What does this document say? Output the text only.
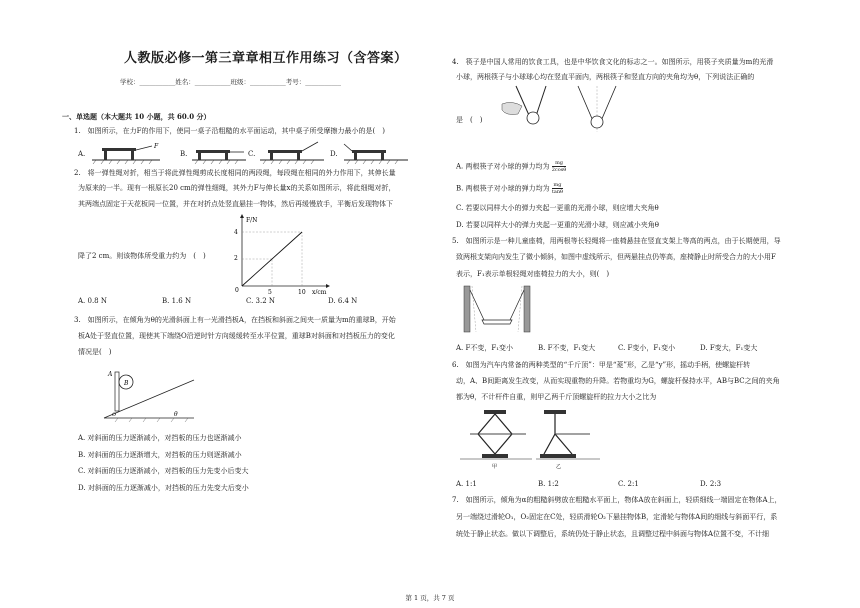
人教版必修一第三章章相互作用练习（含答案）
学校：___________姓名：___________班级：___________考号：___________
一、单选题（本大题共 10 小题，共 60.0 分）
1.　如图所示，在力F的作用下，使同一桌子沿粗糙的水平面运动，其中桌子所受摩擦力最小的是(　)
A.	B.	C.	D.
F
2.　将一弹性绳对折，相当于将此弹性绳剪成长度相同的两段绳，每段绳在相同的外力作用下，其伸长量
为原来的一半。现有一根原长20 cm的弹性细绳，其外力F与伸长量x的关系如图所示，将此细绳对折，
其两端点固定于天花板同一位置，并在对折点处竖直悬挂一物体，然后再缓慢放手，平衡后发现物体下
降了2 cm。则该物体所受重力约为　(　)
F/N
x/cm
4
2
0	5	10
A. 0.8 N	B. 1.6 N	C. 3.2 N	D. 6.4 N
3.　如图所示，在倾角为θ的光滑斜面上有一光滑挡板A，在挡板和斜面之间夹一质量为m的重球B，开始
板A处于竖直位置，现使其下端绕O沿逆时针方向缓缓转至水平位置，重球B对斜面和对挡板压力的变化
情况是(　)
A
B
O	θ
A. 对斜面的压力逐渐减小，对挡板的压力也逐渐减小
B. 对斜面的压力逐渐增大，对挡板的压力则逐渐减小
C. 对斜面的压力逐渐减小，对挡板的压力先变小后变大
D. 对斜面的压力逐渐减小，对挡板的压力先变大后变小
4.　筷子是中国人常用的饮食工具，也是中华饮食文化的标志之一。如图所示，用筷子夹质量为m的光滑
小球，两根筷子与小球球心均在竖直平面内，两根筷子和竖直方向的夹角均为θ，下列说法正确的
是　(　)
A. 两根筷子对小球的弹力均为 $\frac{mg}{2\cos\theta}$
B. 两根筷子对小球的弹力均为 $\frac{mg}{\tan\theta}$
C. 若要以同样大小的弹力夹起一更重的光滑小球，则应增大夹角θ
D. 若要以同样大小的弹力夹起一更重的光滑小球，则应减小夹角θ
5.　如图所示是一种儿童座椅，用两根等长轻绳将一座椅悬挂在竖直支架上等高的两点，由于长期使用，导
致两根支架向内发生了微小倾斜，如图中虚线所示，但两悬挂点仍等高，座椅静止时所受合力的大小用F
表示，F₁表示单根轻绳对座椅拉力的大小，则(　)
A. F不变，F₁变小	B. F不变，F₁变大	C. F变小，F₁变小	D. F变大，F₁变大
6.　如图为汽车内常备的两种类型的“千斤顶”：甲是“菱”形，乙是“y”形，摇动手柄，使螺旋杆转
动，A、B间距离发生改变，从而实现重物的升降。若物重均为G，螺旋杆保持水平，AB与BC之间的夹角
都为θ，不计杆件自重，则甲乙两千斤顶螺旋杆的拉力大小之比为
甲	乙
A. 1:1	B. 1:2	C. 2:1	D. 2:3
7.　如图所示，倾角为α的粗糙斜劈放在粗糙水平面上，物体A放在斜面上，轻质细线一端固定在物体A上，
另一端绕过滑轮O₁，O₂固定在C处，轻质滑轮O₂下悬挂物体B，定滑轮与物体A间的细线与斜面平行，系
统处于静止状态。做以下调整后，系统仍处于静止状态，且调整过程中斜面与物体A位置不变，不计细
第 1 页，共 7 页
